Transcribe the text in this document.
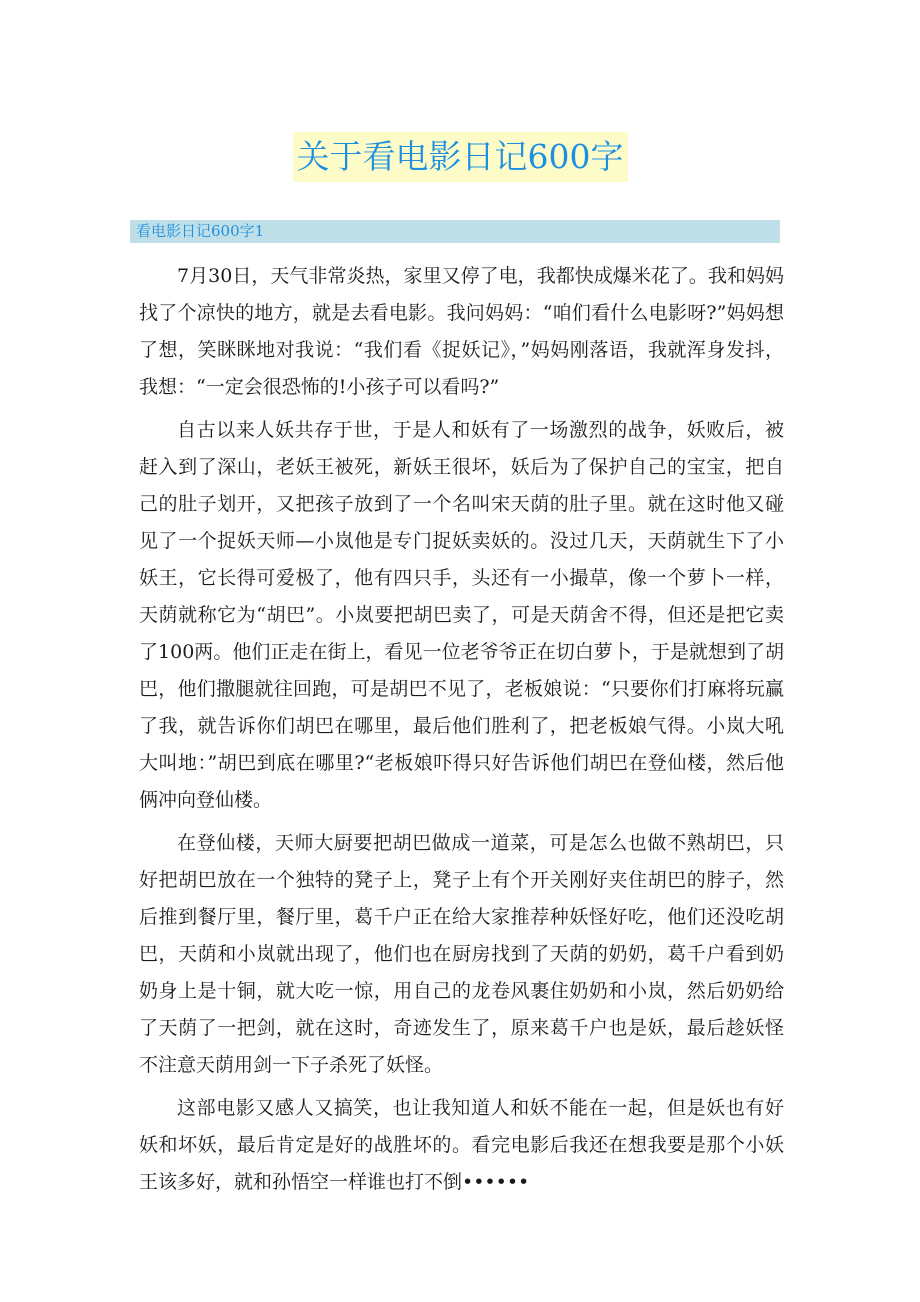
关于看电影日记600字
看电影日记600字1

7月30日，天气非常炎热，家里又停了电，我都快成爆米花了。我和妈妈找了个凉快的地方，就是去看电影。我问妈妈：“咱们看什么电影呀?”妈妈想了想，笑眯眯地对我说：“我们看《捉妖记》，”妈妈刚落语，我就浑身发抖，我想：“一定会很恐怖的!小孩子可以看吗?”

自古以来人妖共存于世，于是人和妖有了一场激烈的战争，妖败后，被赶入到了深山，老妖王被死，新妖王很坏，妖后为了保护自己的宝宝，把自己的肚子划开，又把孩子放到了一个名叫宋天荫的肚子里。就在这时他又碰见了一个捉妖天师—小岚他是专门捉妖卖妖的。没过几天，天荫就生下了小妖王，它长得可爱极了，他有四只手，头还有一小撮草，像一个萝卜一样，天荫就称它为“胡巴”。小岚要把胡巴卖了，可是天荫舍不得，但还是把它卖了100两。他们正走在街上，看见一位老爷爷正在切白萝卜，于是就想到了胡巴，他们撒腿就往回跑，可是胡巴不见了，老板娘说：“只要你们打麻将玩赢了我，就告诉你们胡巴在哪里，最后他们胜利了，把老板娘气得。小岚大吼大叫地：”胡巴到底在哪里?“老板娘吓得只好告诉他们胡巴在登仙楼，然后他俩冲向登仙楼。

在登仙楼，天师大厨要把胡巴做成一道菜，可是怎么也做不熟胡巴，只好把胡巴放在一个独特的凳子上，凳子上有个开关刚好夹住胡巴的脖子，然后推到餐厅里，餐厅里，葛千户正在给大家推荐种妖怪好吃，他们还没吃胡巴，天荫和小岚就出现了，他们也在厨房找到了天荫的奶奶，葛千户看到奶奶身上是十铜，就大吃一惊，用自己的龙卷风裹住奶奶和小岚，然后奶奶给了天荫了一把剑，就在这时，奇迹发生了，原来葛千户也是妖，最后趁妖怪不注意天荫用剑一下子杀死了妖怪。

这部电影又感人又搞笑，也让我知道人和妖不能在一起，但是妖也有好妖和坏妖，最后肯定是好的战胜坏的。看完电影后我还在想我要是那个小妖王该多好，就和孙悟空一样谁也打不倒••••••
